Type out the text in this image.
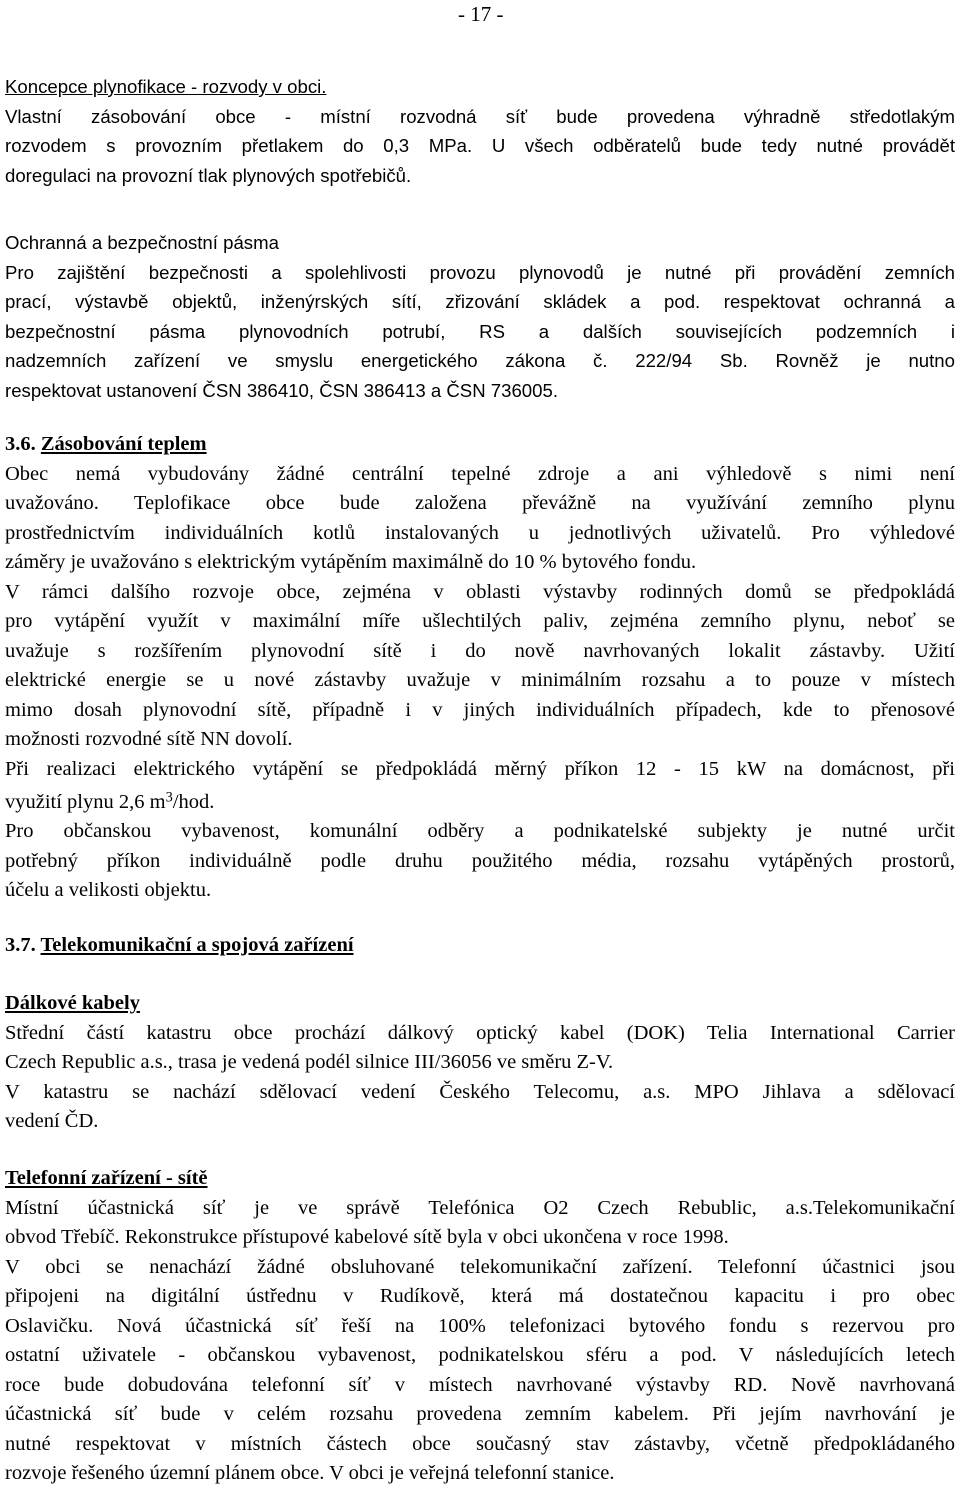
- 17 -
Koncepce plynofikace - rozvody v obci.
Vlastní zásobování obce - místní rozvodná síť bude provedena výhradně středotlakým
rozvodem s provozním přetlakem do 0,3 MPa. U všech odběratelů bude tedy nutné provádět
doregulaci na provozní tlak plynových spotřebičů.
Ochranná a bezpečnostní pásma
Pro zajištění bezpečnosti a spolehlivosti provozu plynovodů je nutné při provádění zemních
prací, výstavbě objektů, inženýrských sítí, zřizování skládek a pod. respektovat ochranná a
bezpečnostní pásma plynovodních potrubí, RS a dalších souvisejících podzemních i
nadzemních zařízení ve smyslu energetického zákona č. 222/94 Sb. Rovněž je nutno
respektovat ustanovení ČSN 386410, ČSN 386413 a ČSN 736005.
3.6. Zásobování teplem
Obec nemá vybudovány žádné centrální tepelné zdroje a ani výhledově s nimi není
uvažováno. Teplofikace obce bude založena převážně na využívání zemního plynu
prostřednictvím individuálních kotlů instalovaných u jednotlivých uživatelů. Pro výhledové
záměry je uvažováno s elektrickým vytápěním maximálně do 10 % bytového fondu.
V rámci dalšího rozvoje obce, zejména v oblasti výstavby rodinných domů se předpokládá
pro vytápění využít v maximální míře ušlechtilých paliv, zejména zemního plynu, neboť se
uvažuje s rozšířením plynovodní sítě i do nově navrhovaných lokalit zástavby. Užití
elektrické energie se u nové zástavby uvažuje v minimálním rozsahu a to pouze v místech
mimo dosah plynovodní sítě, případně i v jiných individuálních případech, kde to přenosové
možnosti rozvodné sítě NN dovolí.
Při realizaci elektrického vytápění se předpokládá měrný příkon 12 - 15 kW na domácnost, při
využití plynu 2,6 $m^3$/hod.
Pro občanskou vybavenost, komunální odběry a podnikatelské subjekty je nutné určit
potřebný příkon individuálně podle druhu použitého média, rozsahu vytápěných prostorů,
účelu a velikosti objektu.
3.7. Telekomunikační a spojová zařízení
Dálkové kabely
Střední částí katastru obce prochází dálkový optický kabel (DOK) Telia International Carrier
Czech Republic a.s., trasa je vedená podél silnice III/36056 ve směru Z-V.
V katastru se nachází sdělovací vedení Českého Telecomu, a.s. MPO Jihlava a sdělovací
vedení ČD.
Telefonní zařízení - sítě
Místní účastnická síť je ve správě Telefónica O2 Czech Rebublic, a.s.Telekomunikační
obvod Třebíč. Rekonstrukce přístupové kabelové sítě byla v obci ukončena v roce 1998.
V obci se nenachází žádné obsluhované telekomunikační zařízení. Telefonní účastnici jsou
připojeni na digitální ústřednu v Rudíkově, která má dostatečnou kapacitu i pro obec
Oslavičku. Nová účastnická síť řeší na 100% telefonizaci bytového fondu s rezervou pro
ostatní uživatele - občanskou vybavenost, podnikatelskou sféru a pod. V následujících letech
roce bude dobudována telefonní síť v místech navrhované výstavby RD. Nově navrhovaná
účastnická síť bude v celém rozsahu provedena zemním kabelem. Při jejím navrhování je
nutné respektovat v místních částech obce současný stav zástavby, včetně předpokládaného
rozvoje řešeného územní plánem obce. V obci je veřejná telefonní stanice.
